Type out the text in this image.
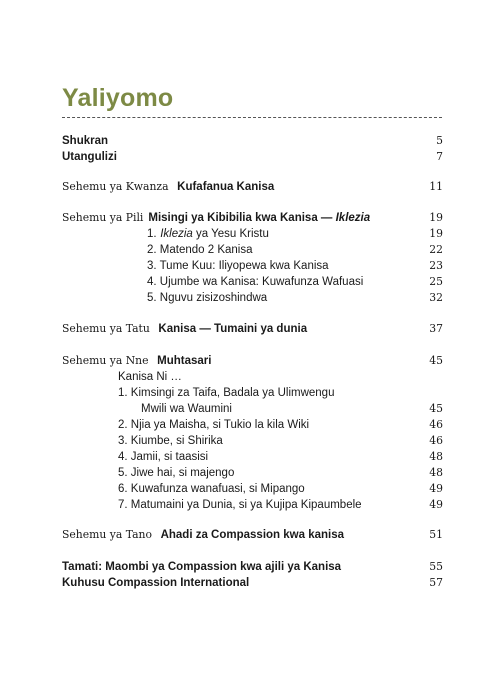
Yaliyomo
Shukran	5
Utangulizi	7
Sehemu ya Kwanza Kufafanua Kanisa	11
Sehemu ya Pili Misingi ya Kibibilia kwa Kanisa — Iklezia	19
1. Iklezia ya Yesu Kristu	19
2. Matendo 2 Kanisa	22
3. Tume Kuu: Iliyopewa kwa Kanisa	23
4. Ujumbe wa Kanisa: Kuwafunza Wafuasi	25
5. Nguvu zisizoshindwa	32
Sehemu ya Tatu Kanisa — Tumaini ya dunia	37
Sehemu ya Nne Muhtasari	45
Kanisa Ni …
1. Kimsingi za Taifa, Badala ya Ulimwengu
Mwili wa Waumini	45
2. Njia ya Maisha, si Tukio la kila Wiki	46
3. Kiumbe, si Shirika	46
4. Jamii, si taasisi	48
5. Jiwe hai, si majengo	48
6. Kuwafunza wanafuasi, si Mipango	49
7. Matumaini ya Dunia, si ya Kujipa Kipaumbele	49
Sehemu ya Tano Ahadi za Compassion kwa kanisa	51
Tamati: Maombi ya Compassion kwa ajili ya Kanisa	55
Kuhusu Compassion International	57
